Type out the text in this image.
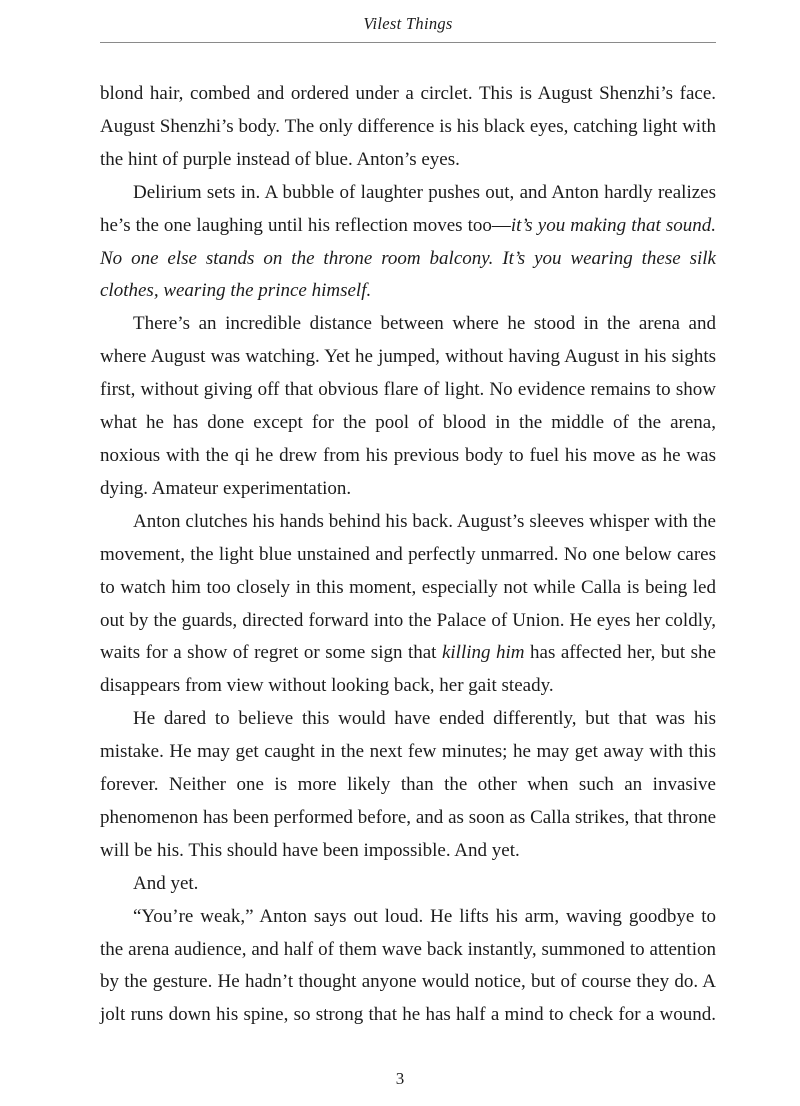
Vilest Things

blond hair, combed and ordered under a circlet. This is August Shenzhi’s face. August Shenzhi’s body. The only difference is his black eyes, catching light with the hint of purple instead of blue. Anton’s eyes.

Delirium sets in. A bubble of laughter pushes out, and Anton hardly realizes he’s the one laughing until his reflection moves too—it’s you making that sound. No one else stands on the throne room balcony. It’s you wearing these silk clothes, wearing the prince himself.

There’s an incredible distance between where he stood in the arena and where August was watching. Yet he jumped, without having August in his sights first, without giving off that obvious flare of light. No evidence remains to show what he has done except for the pool of blood in the middle of the arena, noxious with the qi he drew from his previous body to fuel his move as he was dying. Amateur experimentation.

Anton clutches his hands behind his back. August’s sleeves whisper with the movement, the light blue unstained and perfectly unmarred. No one below cares to watch him too closely in this moment, especially not while Calla is being led out by the guards, directed forward into the Palace of Union. He eyes her coldly, waits for a show of regret or some sign that killing him has affected her, but she disappears from view without looking back, her gait steady.

He dared to believe this would have ended differently, but that was his mistake. He may get caught in the next few minutes; he may get away with this forever. Neither one is more likely than the other when such an invasive phenomenon has been performed before, and as soon as Calla strikes, that throne will be his. This should have been impossible. And yet.

And yet.

“You’re weak,” Anton says out loud. He lifts his arm, waving goodbye to the arena audience, and half of them wave back instantly, summoned to attention by the gesture. He hadn’t thought anyone would notice, but of course they do. A jolt runs down his spine, so strong that he has half a mind to check for a wound.

3
